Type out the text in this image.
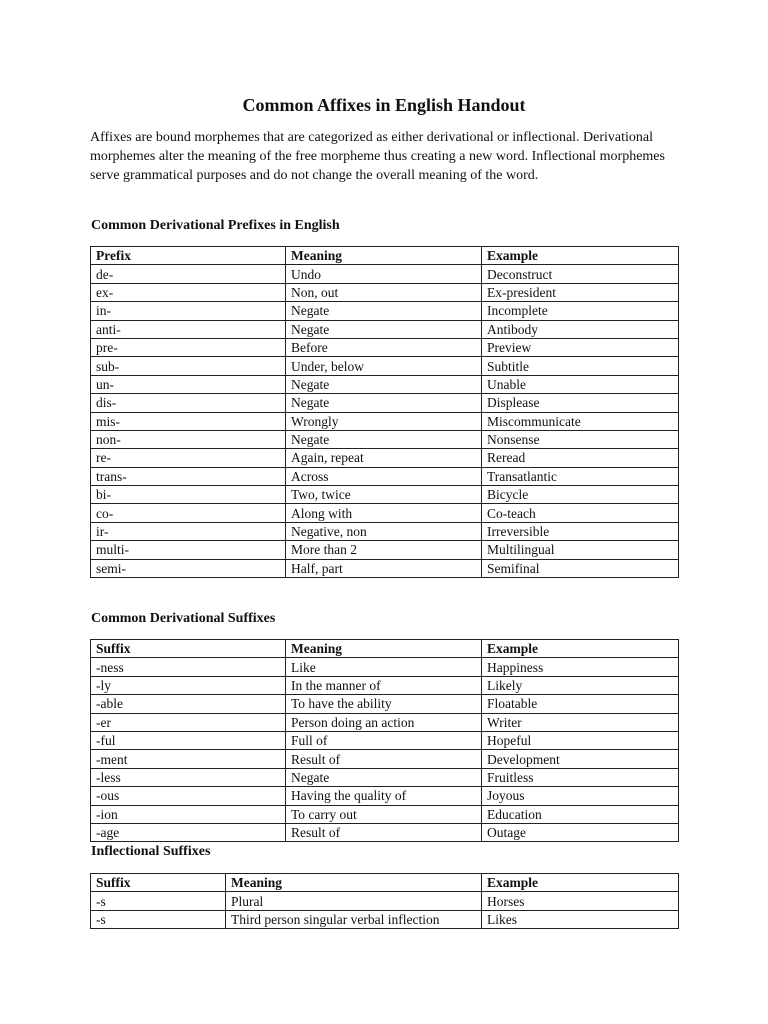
Common Affixes in English Handout
Affixes are bound morphemes that are categorized as either derivational or inflectional. Derivational morphemes alter the meaning of the free morpheme thus creating a new word. Inflectional morphemes serve grammatical purposes and do not change the overall meaning of the word.
Common Derivational Prefixes in English
Prefix	Meaning	Example
de-	Undo	Deconstruct
ex-	Non, out	Ex-president
in-	Negate	Incomplete
anti-	Negate	Antibody
pre-	Before	Preview
sub-	Under, below	Subtitle
un-	Negate	Unable
dis-	Negate	Displease
mis-	Wrongly	Miscommunicate
non-	Negate	Nonsense
re-	Again, repeat	Reread
trans-	Across	Transatlantic
bi-	Two, twice	Bicycle
co-	Along with	Co-teach
ir-	Negative, non	Irreversible
multi-	More than 2	Multilingual
semi-	Half, part	Semifinal
Common Derivational Suffixes
Suffix	Meaning	Example
-ness	Like	Happiness
-ly	In the manner of	Likely
-able	To have the ability	Floatable
-er	Person doing an action	Writer
-ful	Full of	Hopeful
-ment	Result of	Development
-less	Negate	Fruitless
-ous	Having the quality of	Joyous
-ion	To carry out	Education
-age	Result of	Outage
Inflectional Suffixes
Suffix	Meaning	Example
-s	Plural	Horses
-s	Third person singular verbal inflection	Likes
